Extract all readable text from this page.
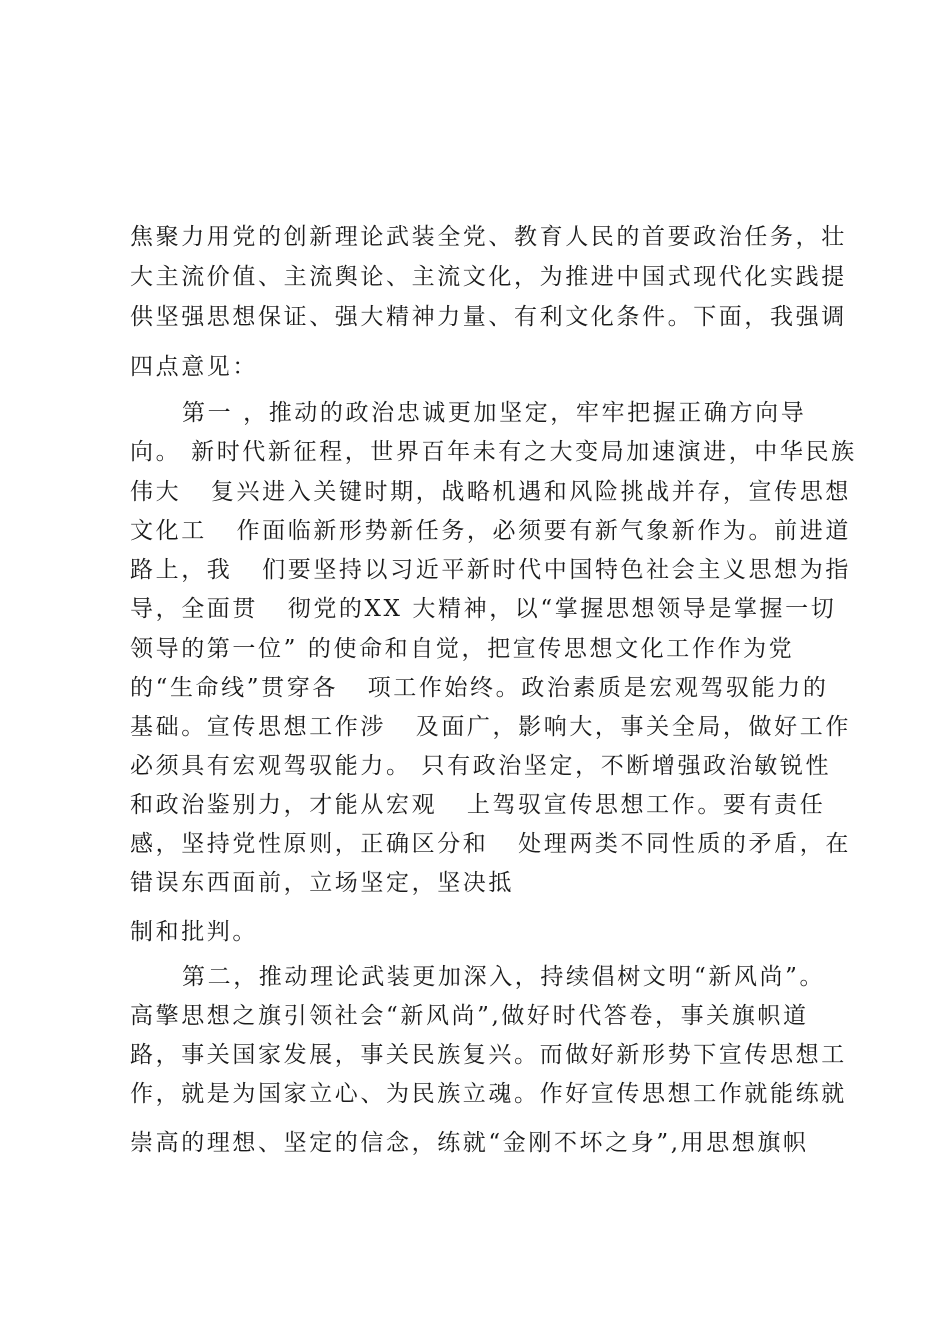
焦聚力用党的创新理论武装全党、教育人民的首要政治任务，壮
大主流价值、主流舆论、主流文化，为推进中国式现代化实践提
供坚强思想保证、强大精神力量、有利文化条件。下面，我强调
四点意见：
第一 ，推动的政治忠诚更加坚定，牢牢把握正确方向导
向。 新时代新征程，世界百年未有之大变局加速演进，中华民族
伟大   复兴进入关键时期，战略机遇和风险挑战并存，宣传思想
文化工   作面临新形势新任务，必须要有新气象新作为。前进道
路上，我   们要坚持以习近平新时代中国特色社会主义思想为指
导，全面贯   彻党的XX 大精神，以“掌握思想领导是掌握一切
领导的第一位” 的使命和自觉，把宣传思想文化工作作为党
的“生命线”贯穿各   项工作始终。政治素质是宏观驾驭能力的
基础。宣传思想工作涉   及面广，影响大，事关全局，做好工作
必须具有宏观驾驭能力。 只有政治坚定，不断增强政治敏锐性
和政治鉴别力，才能从宏观   上驾驭宣传思想工作。要有责任
感，坚持党性原则，正确区分和   处理两类不同性质的矛盾，在
错误东西面前，立场坚定，坚决抵
制和批判。
第二，推动理论武装更加深入，持续倡树文明“新风尚”。
高擎思想之旗引领社会“新风尚”,做好时代答卷，事关旗帜道
路，事关国家发展，事关民族复兴。而做好新形势下宣传思想工
作，就是为国家立心、为民族立魂。作好宣传思想工作就能练就
崇高的理想、坚定的信念，练就“金刚不坏之身”,用思想旗帜
